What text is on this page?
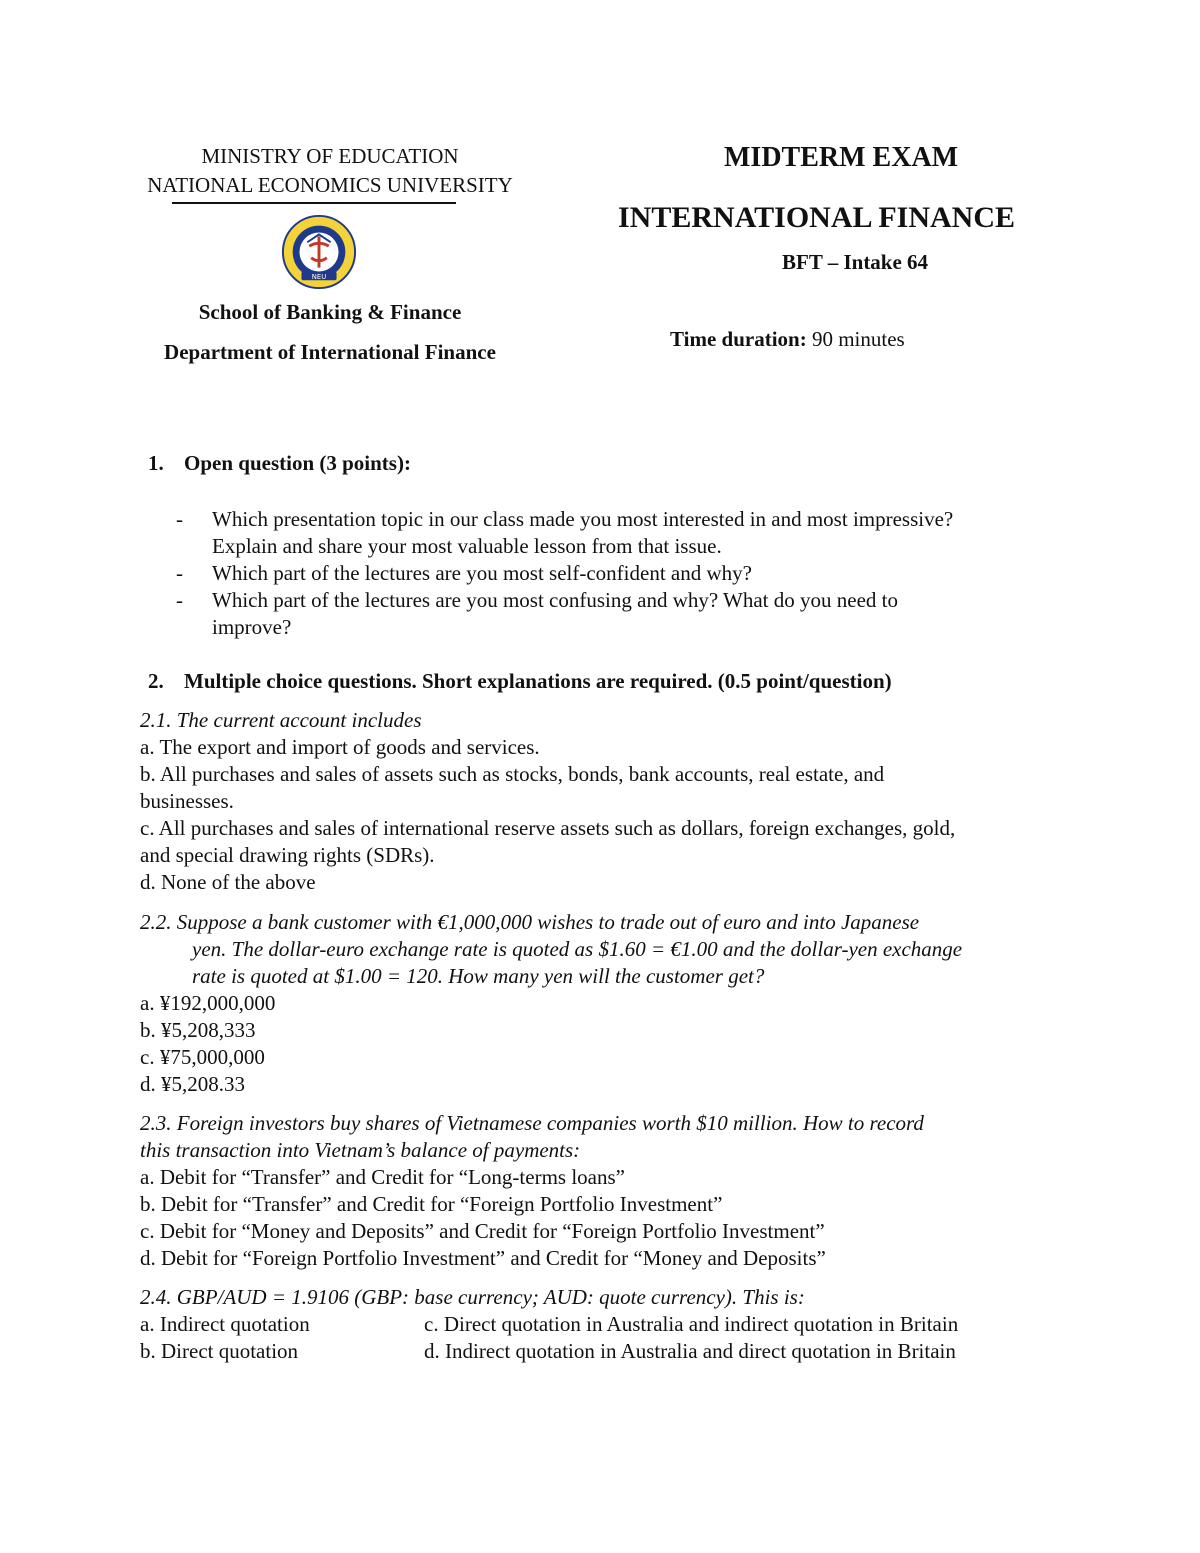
MINISTRY OF EDUCATION
NATIONAL ECONOMICS UNIVERSITY
NEU
School of Banking & Finance
Department of International Finance
MIDTERM EXAM
INTERNATIONAL FINANCE
BFT – Intake 64
Time duration: 90 minutes
1. Open question (3 points):
- Which presentation topic in our class made you most interested in and most impressive?
Explain and share your most valuable lesson from that issue.
- Which part of the lectures are you most self-confident and why?
- Which part of the lectures are you most confusing and why? What do you need to
improve?
2. Multiple choice questions. Short explanations are required. (0.5 point/question)
2.1. The current account includes
a. The export and import of goods and services.
b. All purchases and sales of assets such as stocks, bonds, bank accounts, real estate, and
businesses.
c. All purchases and sales of international reserve assets such as dollars, foreign exchanges, gold,
and special drawing rights (SDRs).
d. None of the above
2.2. Suppose a bank customer with €1,000,000 wishes to trade out of euro and into Japanese
yen. The dollar-euro exchange rate is quoted as $1.60 = €1.00 and the dollar-yen exchange
rate is quoted at $1.00 = 120. How many yen will the customer get?
a. ¥192,000,000
b. ¥5,208,333
c. ¥75,000,000
d. ¥5,208.33
2.3. Foreign investors buy shares of Vietnamese companies worth $10 million. How to record
this transaction into Vietnam’s balance of payments:
a. Debit for “Transfer” and Credit for “Long-terms loans”
b. Debit for “Transfer” and Credit for “Foreign Portfolio Investment”
c. Debit for “Money and Deposits” and Credit for “Foreign Portfolio Investment”
d. Debit for “Foreign Portfolio Investment” and Credit for “Money and Deposits”
2.4. GBP/AUD = 1.9106 (GBP: base currency; AUD: quote currency). This is:
a. Indirect quotation	c. Direct quotation in Australia and indirect quotation in Britain
b. Direct quotation	d. Indirect quotation in Australia and direct quotation in Britain
